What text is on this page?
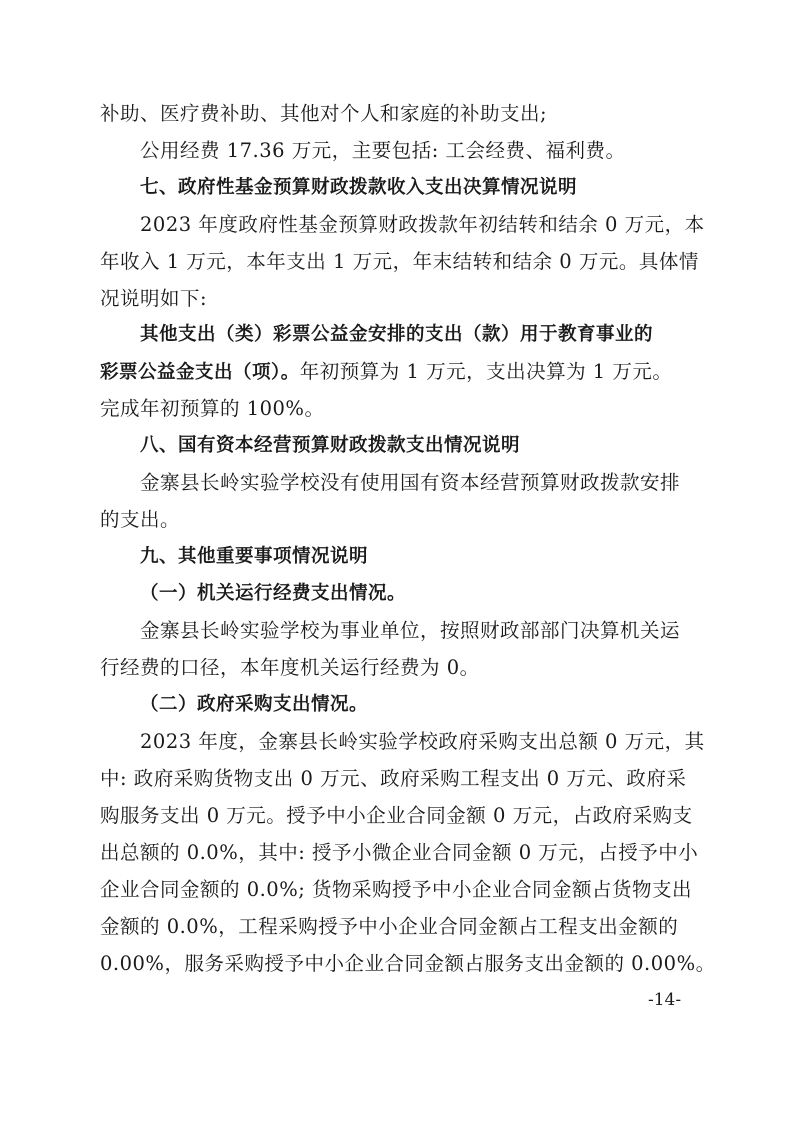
补助、医疗费补助、其他对个人和家庭的补助支出;
公用经费 17.36 万元，主要包括: 工会经费、福利费。
七、政府性基金预算财政拨款收入支出决算情况说明
2023 年度政府性基金预算财政拨款年初结转和结余 0 万元，本
年收入 1 万元，本年支出 1 万元，年末结转和结余 0 万元。具体情
况说明如下:
其他支出（类）彩票公益金安排的支出（款）用于教育事业的
彩票公益金支出（项）。年初预算为 1 万元，支出决算为 1 万元。
完成年初预算的 100%。
八、国有资本经营预算财政拨款支出情况说明
金寨县长岭实验学校没有使用国有资本经营预算财政拨款安排
的支出。
九、其他重要事项情况说明
（一）机关运行经费支出情况。
金寨县长岭实验学校为事业单位，按照财政部部门决算机关运
行经费的口径，本年度机关运行经费为 0。
（二）政府采购支出情况。
2023 年度，金寨县长岭实验学校政府采购支出总额 0 万元，其
中: 政府采购货物支出 0 万元、政府采购工程支出 0 万元、政府采
购服务支出 0 万元。授予中小企业合同金额 0 万元，占政府采购支
出总额的 0.0%，其中: 授予小微企业合同金额 0 万元，占授予中小
企业合同金额的 0.0%; 货物采购授予中小企业合同金额占货物支出
金额的 0.0%，工程采购授予中小企业合同金额占工程支出金额的
0.00%，服务采购授予中小企业合同金额占服务支出金额的 0.00%。
-14-
